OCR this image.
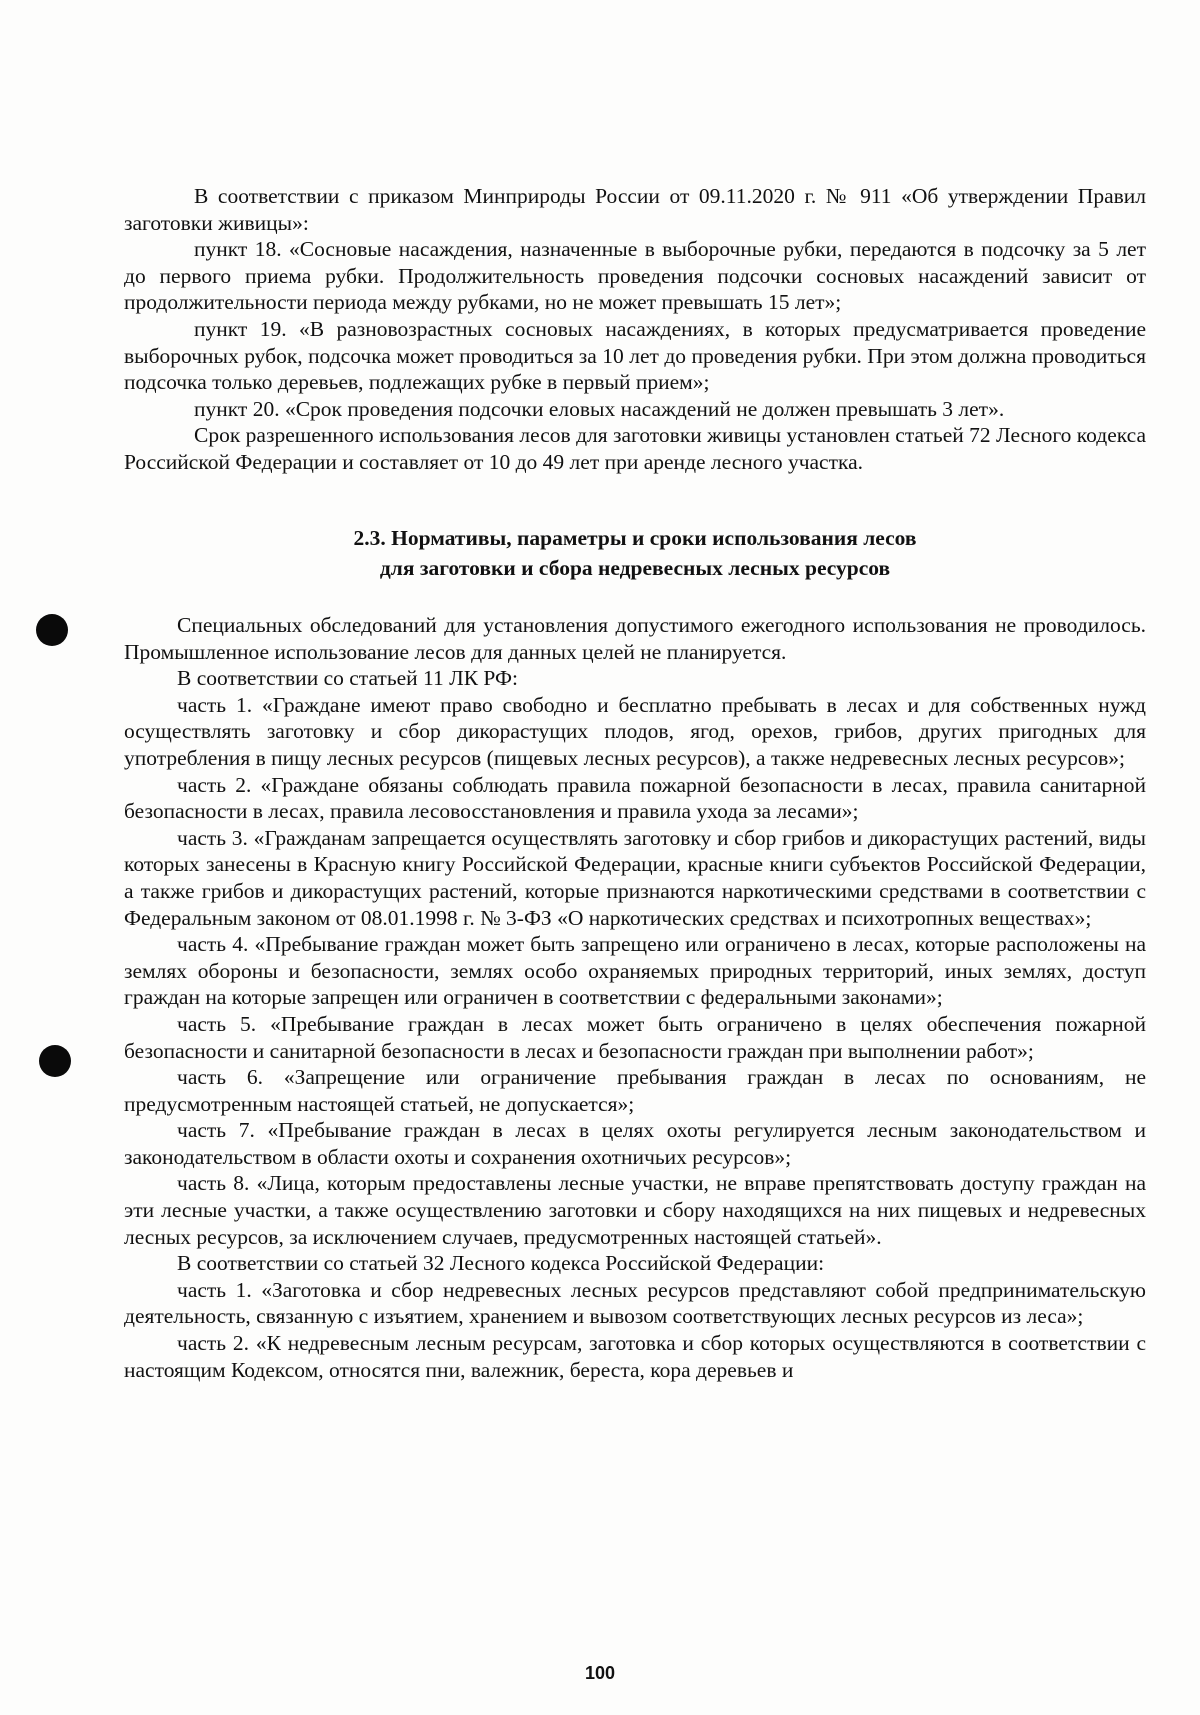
В соответствии с приказом Минприроды России от 09.11.2020 г. № 911 «Об утверждении Правил заготовки живицы»:

пункт 18. «Сосновые насаждения, назначенные в выборочные рубки, передаются в подсочку за 5 лет до первого приема рубки. Продолжительность проведения подсочки сосновых насаждений зависит от продолжительности периода между рубками, но не может превышать 15 лет»;

пункт 19. «В разновозрастных сосновых насаждениях, в которых предусматривается проведение выборочных рубок, подсочка может проводиться за 10 лет до проведения рубки. При этом должна проводиться подсочка только деревьев, подлежащих рубке в первый прием»;

пункт 20. «Срок проведения подсочки еловых насаждений не должен превышать 3 лет».

Срок разрешенного использования лесов для заготовки живицы установлен статьей 72 Лесного кодекса Российской Федерации и составляет от 10 до 49 лет при аренде лесного участка.

2.3. Нормативы, параметры и сроки использования лесов
для заготовки и сбора недревесных лесных ресурсов

Специальных обследований для установления допустимого ежегодного использования не проводилось. Промышленное использование лесов для данных целей не планируется.

В соответствии со статьей 11 ЛК РФ:

часть 1. «Граждане имеют право свободно и бесплатно пребывать в лесах и для собственных нужд осуществлять заготовку и сбор дикорастущих плодов, ягод, орехов, грибов, других пригодных для употребления в пищу лесных ресурсов (пищевых лесных ресурсов), а также недревесных лесных ресурсов»;

часть 2. «Граждане обязаны соблюдать правила пожарной безопасности в лесах, правила санитарной безопасности в лесах, правила лесовосстановления и правила ухода за лесами»;

часть 3. «Гражданам запрещается осуществлять заготовку и сбор грибов и дикорастущих растений, виды которых занесены в Красную книгу Российской Федерации, красные книги субъектов Российской Федерации, а также грибов и дикорастущих растений, которые признаются наркотическими средствами в соответствии с Федеральным законом от 08.01.1998 г. № 3-ФЗ «О наркотических средствах и психотропных веществах»;

часть 4. «Пребывание граждан может быть запрещено или ограничено в лесах, которые расположены на землях обороны и безопасности, землях особо охраняемых природных территорий, иных землях, доступ граждан на которые запрещен или ограничен в соответствии с федеральными законами»;

часть 5. «Пребывание граждан в лесах может быть ограничено в целях обеспечения пожарной безопасности и санитарной безопасности в лесах и безопасности граждан при выполнении работ»;

часть 6. «Запрещение или ограничение пребывания граждан в лесах по основаниям, не предусмотренным настоящей статьей, не допускается»;

часть 7. «Пребывание граждан в лесах в целях охоты регулируется лесным законодательством и законодательством в области охоты и сохранения охотничьих ресурсов»;

часть 8. «Лица, которым предоставлены лесные участки, не вправе препятствовать доступу граждан на эти лесные участки, а также осуществлению заготовки и сбору находящихся на них пищевых и недревесных лесных ресурсов, за исключением случаев, предусмотренных настоящей статьей».

В соответствии со статьей 32 Лесного кодекса Российской Федерации:

часть 1. «Заготовка и сбор недревесных лесных ресурсов представляют собой предпринимательскую деятельность, связанную с изъятием, хранением и вывозом соответствующих лесных ресурсов из леса»;

часть 2. «К недревесным лесным ресурсам, заготовка и сбор которых осуществляются в соответствии с настоящим Кодексом, относятся пни, валежник, береста, кора деревьев и

100
